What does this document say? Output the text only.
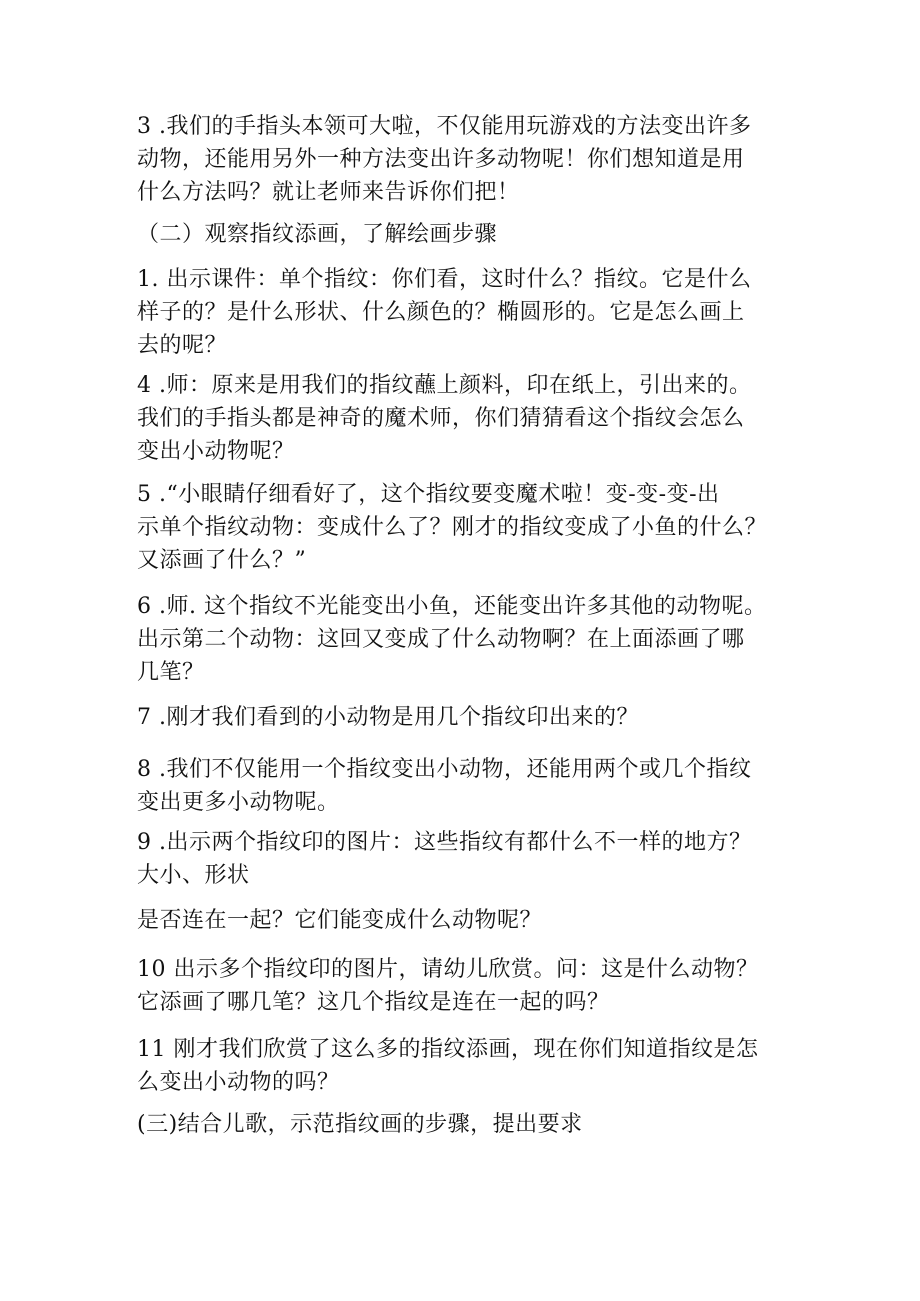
3 .我们的手指头本领可大啦，不仅能用玩游戏的方法变出许多
动物，还能用另外一种方法变出许多动物呢！你们想知道是用
什么方法吗？就让老师来告诉你们把！

（二）观察指纹添画，了解绘画步骤

1. 出示课件：单个指纹：你们看，这时什么？指纹。它是什么
样子的？是什么形状、什么颜色的？椭圆形的。它是怎么画上
去的呢？

4 .师：原来是用我们的指纹蘸上颜料，印在纸上，引出来的。
我们的手指头都是神奇的魔术师，你们猜猜看这个指纹会怎么
变出小动物呢？

5 .“小眼睛仔细看好了，这个指纹要变魔术啦！变-变-变-出
示单个指纹动物：变成什么了？刚才的指纹变成了小鱼的什么？
又添画了什么？”

6 .师. 这个指纹不光能变出小鱼，还能变出许多其他的动物呢。
出示第二个动物：这回又变成了什么动物啊？在上面添画了哪
几笔？

7 .刚才我们看到的小动物是用几个指纹印出来的？

8 .我们不仅能用一个指纹变出小动物，还能用两个或几个指纹
变出更多小动物呢。

9 .出示两个指纹印的图片：这些指纹有都什么不一样的地方？
大小、形状

是否连在一起？它们能变成什么动物呢？

10 出示多个指纹印的图片，请幼儿欣赏。问：这是什么动物？
它添画了哪几笔？这几个指纹是连在一起的吗？

11 刚才我们欣赏了这么多的指纹添画，现在你们知道指纹是怎
么变出小动物的吗？

(三)结合儿歌，示范指纹画的步骤，提出要求
